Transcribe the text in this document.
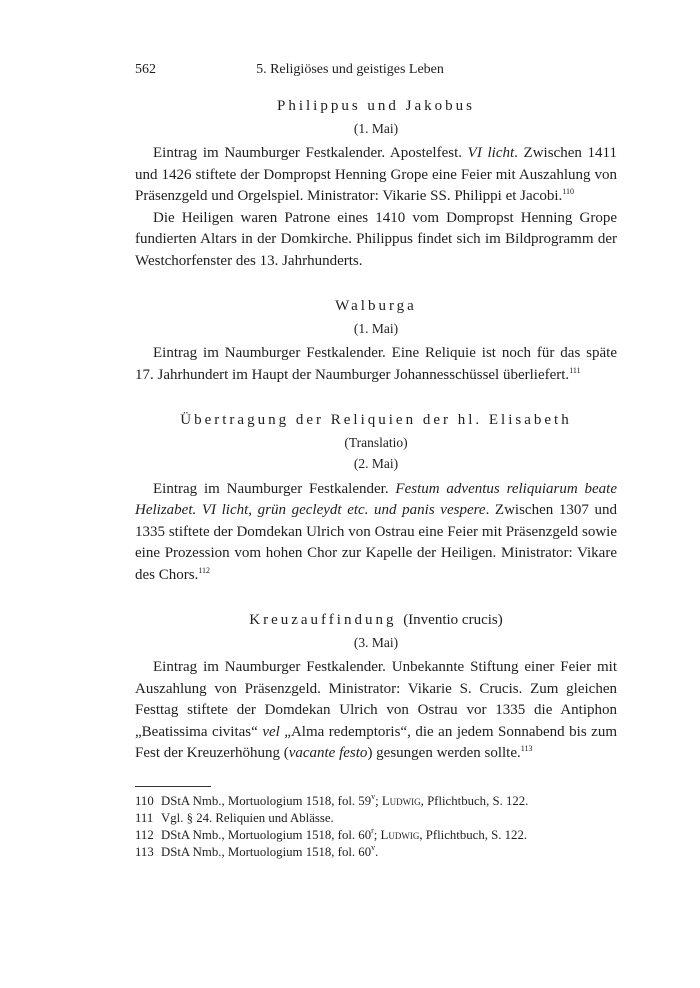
562	5. Religiöses und geistiges Leben
Philippus und Jakobus
(1. Mai)

Eintrag im Naumburger Festkalender. Apostelfest. VI licht. Zwischen 1411 und 1426 stiftete der Dompropst Henning Grope eine Feier mit Auszahlung von Präsenzgeld und Orgelspiel. Ministrator: Vikarie SS. Philippi et Jacobi.$^{110}$

Die Heiligen waren Patrone eines 1410 vom Dompropst Henning Grope fundierten Altars in der Domkirche. Philippus findet sich im Bildprogramm der Westchorfenster des 13. Jahrhunderts.

Walburga
(1. Mai)

Eintrag im Naumburger Festkalender. Eine Reliquie ist noch für das späte 17. Jahrhundert im Haupt der Naumburger Johannesschüssel überliefert.$^{111}$

Übertragung der Reliquien der hl. Elisabeth
(Translatio)
(2. Mai)

Eintrag im Naumburger Festkalender. Festum adventus reliquiarum beate Helizabet. VI licht, grün gecleydt etc. und panis vespere. Zwischen 1307 und 1335 stiftete der Domdekan Ulrich von Ostrau eine Feier mit Präsenzgeld sowie eine Prozession vom hohen Chor zur Kapelle der Heiligen. Ministrator: Vikare des Chors.$^{112}$

Kreuzauffindung (Inventio crucis)
(3. Mai)

Eintrag im Naumburger Festkalender. Unbekannte Stiftung einer Feier mit Auszahlung von Präsenzgeld. Ministrator: Vikarie S. Crucis. Zum gleichen Festtag stiftete der Domdekan Ulrich von Ostrau vor 1335 die Antiphon „Beatissima civitas“ vel „Alma redemptoris“, die an jedem Sonnabend bis zum Fest der Kreuzerhöhung (vacante festo) gesungen werden sollte.$^{113}$

110 DStA Nmb., Mortuologium 1518, fol. 59$^v$; Ludwig, Pflichtbuch, S. 122.
111 Vgl. § 24. Reliquien und Ablässe.
112 DStA Nmb., Mortuologium 1518, fol. 60$^r$; Ludwig, Pflichtbuch, S. 122.
113 DStA Nmb., Mortuologium 1518, fol. 60$^v$.
